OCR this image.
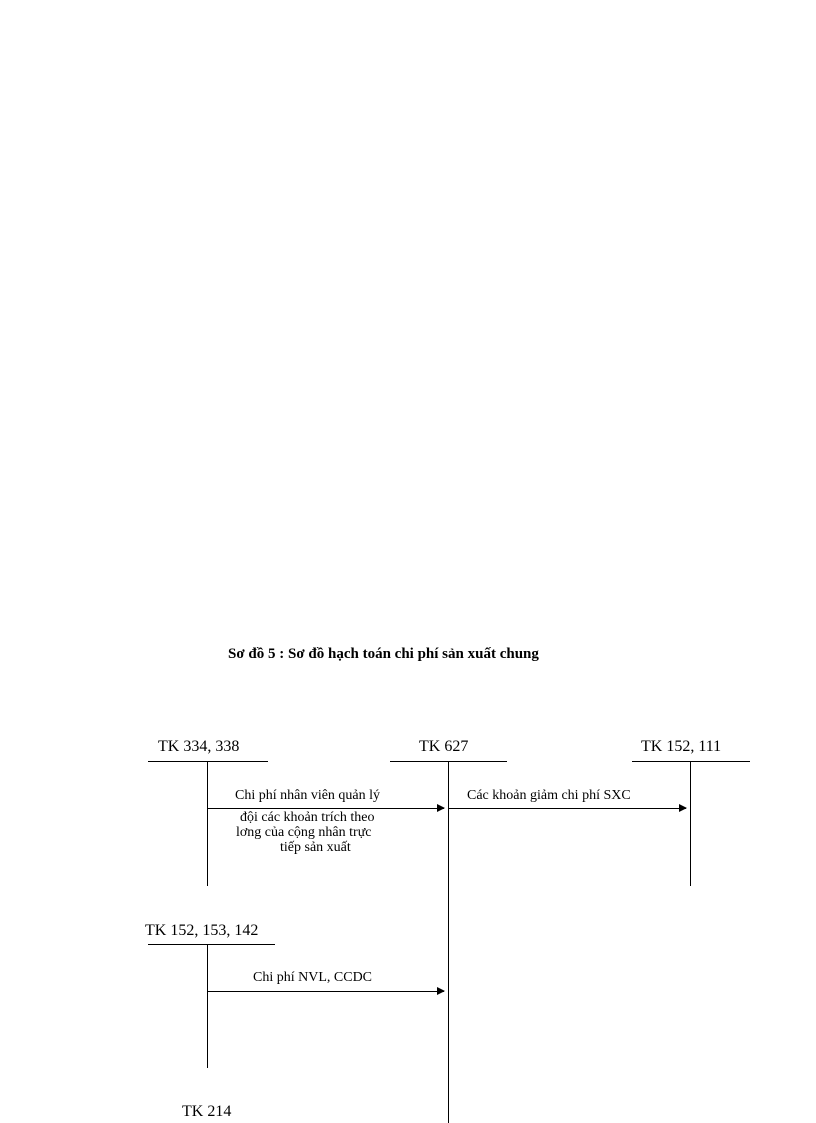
Sơ đồ 5 : Sơ đồ hạch toán chi phí sản xuất chung
TK 334, 338	TK 627	TK 152, 111
Chi phí nhân viên quản lý
đội các khoản trích theo
lơng của cộng nhân trực
tiếp sản xuất
Các khoản giảm chi phí SXC
TK 152, 153, 142
Chi phí NVL, CCDC
TK 214
